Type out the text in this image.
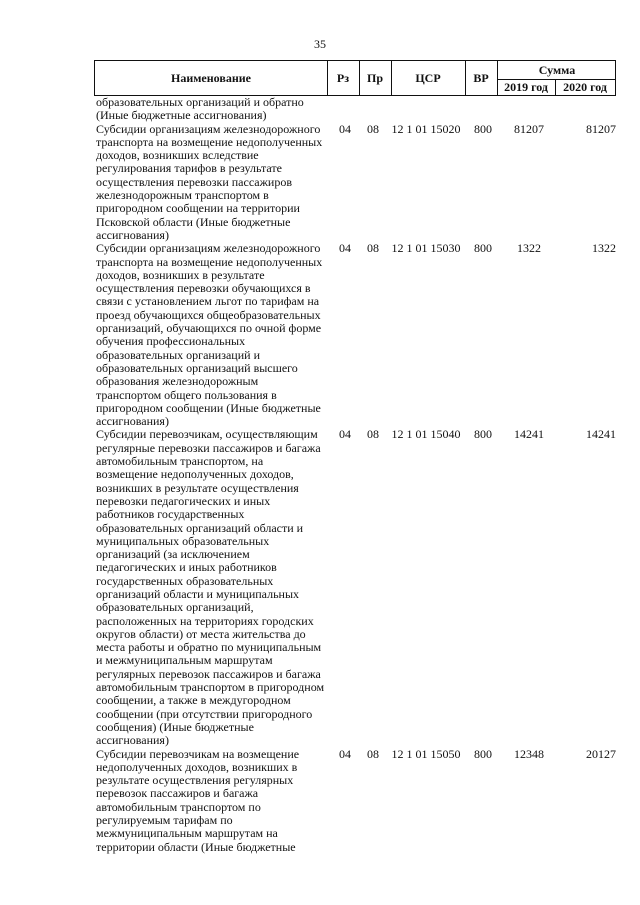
35
Наименование	Рз	Пр	ЦСР	ВР
Сумма
2019 год	2020 год
образовательных организаций и обратно
(Иные бюджетные ассигнования)
Субсидии организациям железнодорожного
транспорта на возмещение недополученных
доходов, возникших вследствие
регулирования тарифов в результате
осуществления перевозки пассажиров
железнодорожным транспортом в
пригородном сообщении на территории
Псковской области (Иные бюджетные
ассигнования)
04	08	12 1 01 15020	800	81207	81207
Субсидии организациям железнодорожного
транспорта на возмещение недополученных
доходов, возникших в результате
осуществления перевозки обучающихся в
связи с установлением льгот по тарифам на
проезд обучающихся общеобразовательных
организаций, обучающихся по очной форме
обучения профессиональных
образовательных организаций и
образовательных организаций высшего
образования железнодорожным
транспортом общего пользования в
пригородном сообщении (Иные бюджетные
ассигнования)
04	08	12 1 01 15030	800	1322	1322
Субсидии перевозчикам, осуществляющим
регулярные перевозки пассажиров и багажа
автомобильным транспортом, на
возмещение недополученных доходов,
возникших в результате осуществления
перевозки педагогических и иных
работников государственных
образовательных организаций области и
муниципальных образовательных
организаций (за исключением
педагогических и иных работников
государственных образовательных
организаций области и муниципальных
образовательных организаций,
расположенных на территориях городских
округов области) от места жительства до
места работы и обратно по муниципальным
и межмуниципальным маршрутам
регулярных перевозок пассажиров и багажа
автомобильным транспортом в пригородном
сообщении, а также в междугородном
сообщении (при отсутствии пригородного
сообщения) (Иные бюджетные
ассигнования)
04	08	12 1 01 15040	800	14241	14241
Субсидии перевозчикам на возмещение
недополученных доходов, возникших в
результате осуществления регулярных
перевозок пассажиров и багажа
автомобильным транспортом по
регулируемым тарифам по
межмуниципальным маршрутам на
территории области (Иные бюджетные
04	08	12 1 01 15050	800	12348	20127
